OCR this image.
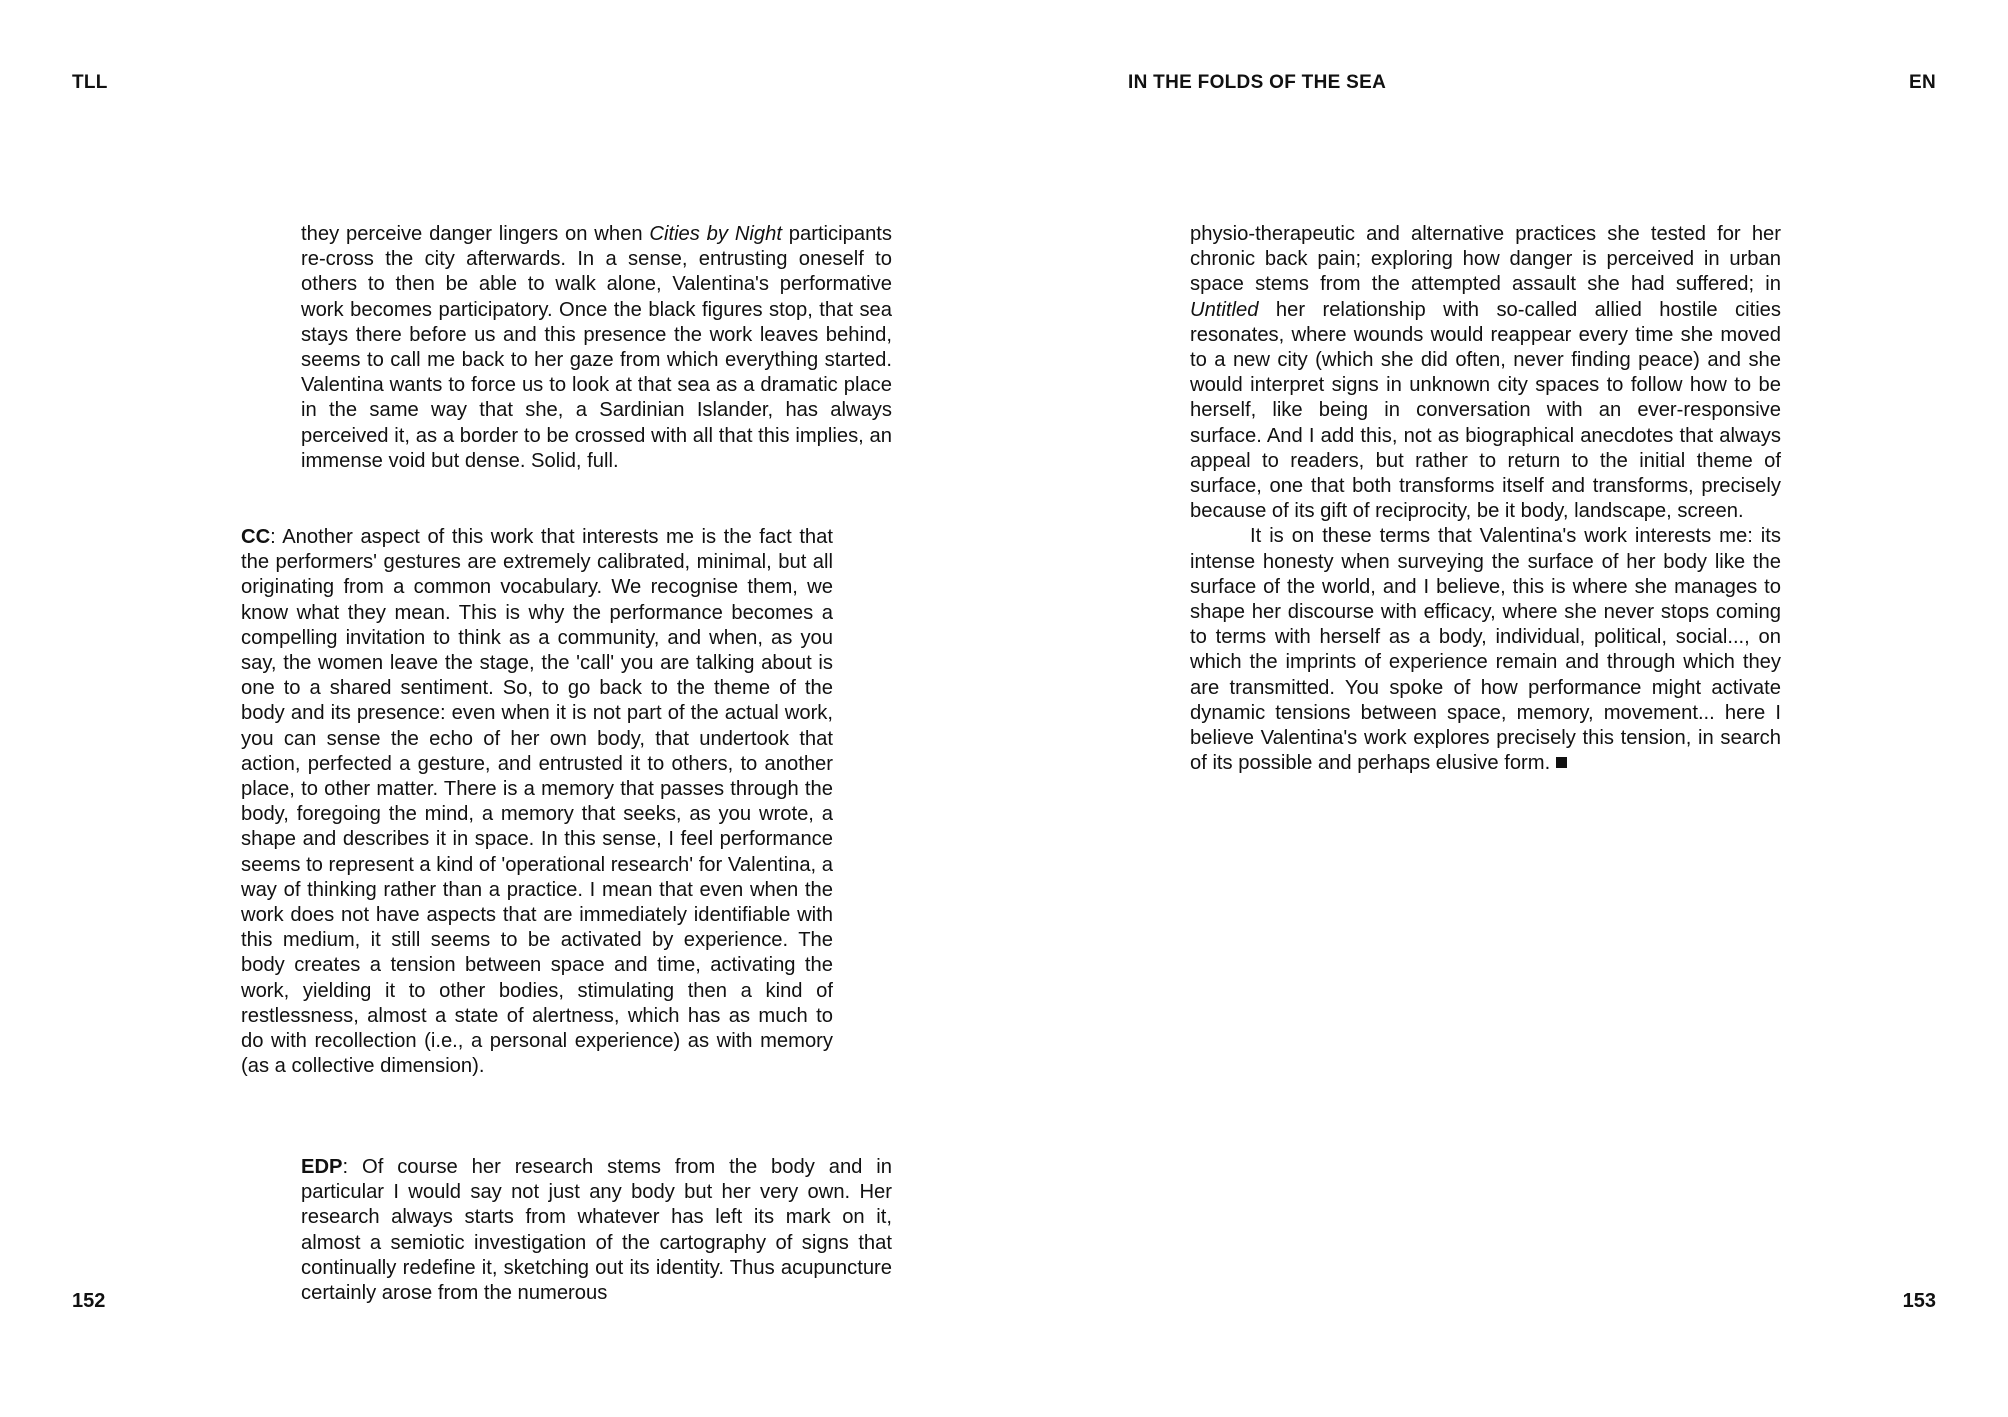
TLL	IN THE FOLDS OF THE SEA	EN

they perceive danger lingers on when Cities by Night participants re-cross the city afterwards. In a sense, entrusting oneself to others to then be able to walk alone, Valentina's performative work becomes participatory. Once the black figures stop, that sea stays there before us and this presence the work leaves behind, seems to call me back to her gaze from which everything started. Valentina wants to force us to look at that sea as a dramatic place in the same way that she, a Sardinian Islander, has always perceived it, as a border to be crossed with all that this implies, an immense void but dense. Solid, full.

CC: Another aspect of this work that interests me is the fact that the performers' gestures are extremely calibrated, minimal, but all originating from a common vocabulary. We recognise them, we know what they mean. This is why the performance becomes a compelling invitation to think as a community, and when, as you say, the women leave the stage, the 'call' you are talking about is one to a shared sentiment. So, to go back to the theme of the body and its presence: even when it is not part of the actual work, you can sense the echo of her own body, that undertook that action, perfected a gesture, and entrusted it to others, to another place, to other matter. There is a memory that passes through the body, foregoing the mind, a memory that seeks, as you wrote, a shape and describes it in space. In this sense, I feel performance seems to represent a kind of 'operational research' for Valentina, a way of thinking rather than a practice. I mean that even when the work does not have aspects that are immediately identifiable with this medium, it still seems to be activated by experience. The body creates a tension between space and time, activating the work, yielding it to other bodies, stimulating then a kind of restlessness, almost a state of alertness, which has as much to do with recollection (i.e., a personal experience) as with memory (as a collective dimension).

EDP: Of course her research stems from the body and in particular I would say not just any body but her very own. Her research always starts from whatever has left its mark on it, almost a semiotic investigation of the cartography of signs that continually redefine it, sketching out its identity. Thus acupuncture certainly arose from the numerous

physio-therapeutic and alternative practices she tested for her chronic back pain; exploring how danger is perceived in urban space stems from the attempted assault she had suffered; in Untitled her relationship with so-called allied hostile cities resonates, where wounds would reappear every time she moved to a new city (which she did often, never finding peace) and she would interpret signs in unknown city spaces to follow how to be herself, like being in conversation with an ever-responsive surface. And I add this, not as biographical anecdotes that always appeal to readers, but rather to return to the initial theme of surface, one that both transforms itself and transforms, precisely because of its gift of reciprocity, be it body, landscape, screen.

It is on these terms that Valentina's work interests me: its intense honesty when surveying the surface of her body like the surface of the world, and I believe, this is where she manages to shape her discourse with efficacy, where she never stops coming to terms with herself as a body, individual, political, social..., on which the imprints of experience remain and through which they are transmitted. You spoke of how performance might activate dynamic tensions between space, memory, movement... here I believe Valentina's work explores precisely this tension, in search of its possible and perhaps elusive form.

152	153
